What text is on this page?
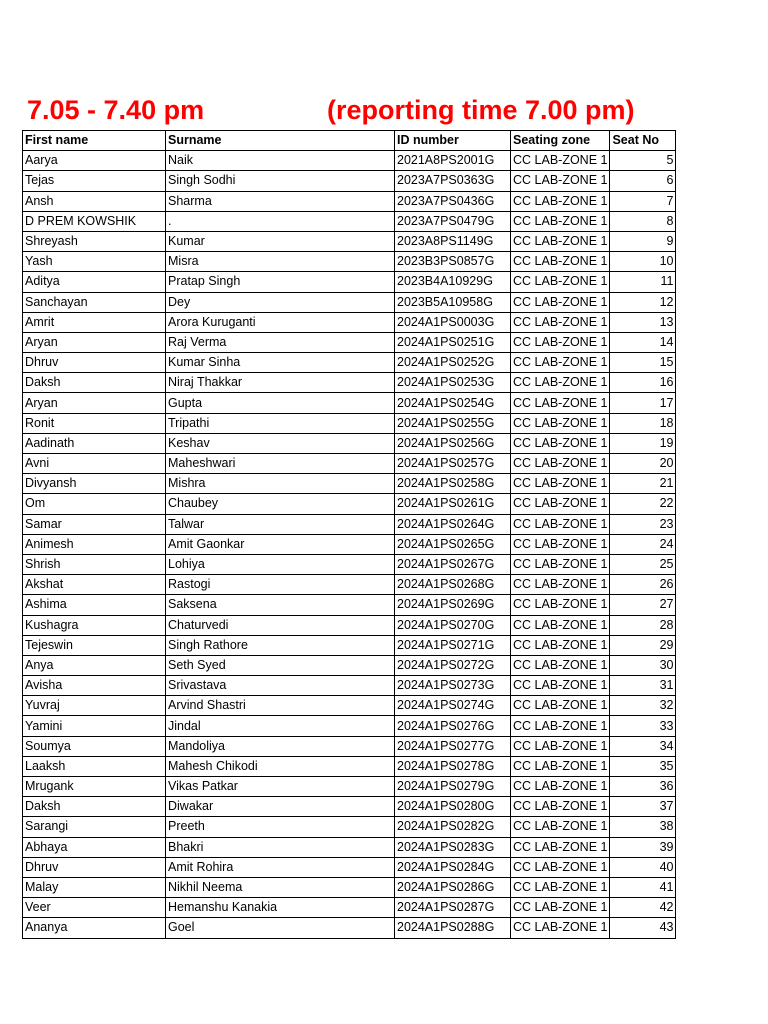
7.05 - 7.40 pm	(reporting time 7.00 pm)
First name	Surname	ID number	Seating zone	Seat No
Aarya	Naik	2021A8PS2001G	CC LAB-ZONE 1	5
Tejas	Singh Sodhi	2023A7PS0363G	CC LAB-ZONE 1	6
Ansh	Sharma	2023A7PS0436G	CC LAB-ZONE 1	7
D PREM KOWSHIK	.	2023A7PS0479G	CC LAB-ZONE 1	8
Shreyash	Kumar	2023A8PS1149G	CC LAB-ZONE 1	9
Yash	Misra	2023B3PS0857G	CC LAB-ZONE 1	10
Aditya	Pratap Singh	2023B4A10929G	CC LAB-ZONE 1	11
Sanchayan	Dey	2023B5A10958G	CC LAB-ZONE 1	12
Amrit	Arora Kuruganti	2024A1PS0003G	CC LAB-ZONE 1	13
Aryan	Raj Verma	2024A1PS0251G	CC LAB-ZONE 1	14
Dhruv	Kumar Sinha	2024A1PS0252G	CC LAB-ZONE 1	15
Daksh	Niraj Thakkar	2024A1PS0253G	CC LAB-ZONE 1	16
Aryan	Gupta	2024A1PS0254G	CC LAB-ZONE 1	17
Ronit	Tripathi	2024A1PS0255G	CC LAB-ZONE 1	18
Aadinath	Keshav	2024A1PS0256G	CC LAB-ZONE 1	19
Avni	Maheshwari	2024A1PS0257G	CC LAB-ZONE 1	20
Divyansh	Mishra	2024A1PS0258G	CC LAB-ZONE 1	21
Om	Chaubey	2024A1PS0261G	CC LAB-ZONE 1	22
Samar	Talwar	2024A1PS0264G	CC LAB-ZONE 1	23
Animesh	Amit Gaonkar	2024A1PS0265G	CC LAB-ZONE 1	24
Shrish	Lohiya	2024A1PS0267G	CC LAB-ZONE 1	25
Akshat	Rastogi	2024A1PS0268G	CC LAB-ZONE 1	26
Ashima	Saksena	2024A1PS0269G	CC LAB-ZONE 1	27
Kushagra	Chaturvedi	2024A1PS0270G	CC LAB-ZONE 1	28
Tejeswin	Singh Rathore	2024A1PS0271G	CC LAB-ZONE 1	29
Anya	Seth Syed	2024A1PS0272G	CC LAB-ZONE 1	30
Avisha	Srivastava	2024A1PS0273G	CC LAB-ZONE 1	31
Yuvraj	Arvind Shastri	2024A1PS0274G	CC LAB-ZONE 1	32
Yamini	Jindal	2024A1PS0276G	CC LAB-ZONE 1	33
Soumya	Mandoliya	2024A1PS0277G	CC LAB-ZONE 1	34
Laaksh	Mahesh Chikodi	2024A1PS0278G	CC LAB-ZONE 1	35
Mrugank	Vikas Patkar	2024A1PS0279G	CC LAB-ZONE 1	36
Daksh	Diwakar	2024A1PS0280G	CC LAB-ZONE 1	37
Sarangi	Preeth	2024A1PS0282G	CC LAB-ZONE 1	38
Abhaya	Bhakri	2024A1PS0283G	CC LAB-ZONE 1	39
Dhruv	Amit Rohira	2024A1PS0284G	CC LAB-ZONE 1	40
Malay	Nikhil Neema	2024A1PS0286G	CC LAB-ZONE 1	41
Veer	Hemanshu Kanakia	2024A1PS0287G	CC LAB-ZONE 1	42
Ananya	Goel	2024A1PS0288G	CC LAB-ZONE 1	43
